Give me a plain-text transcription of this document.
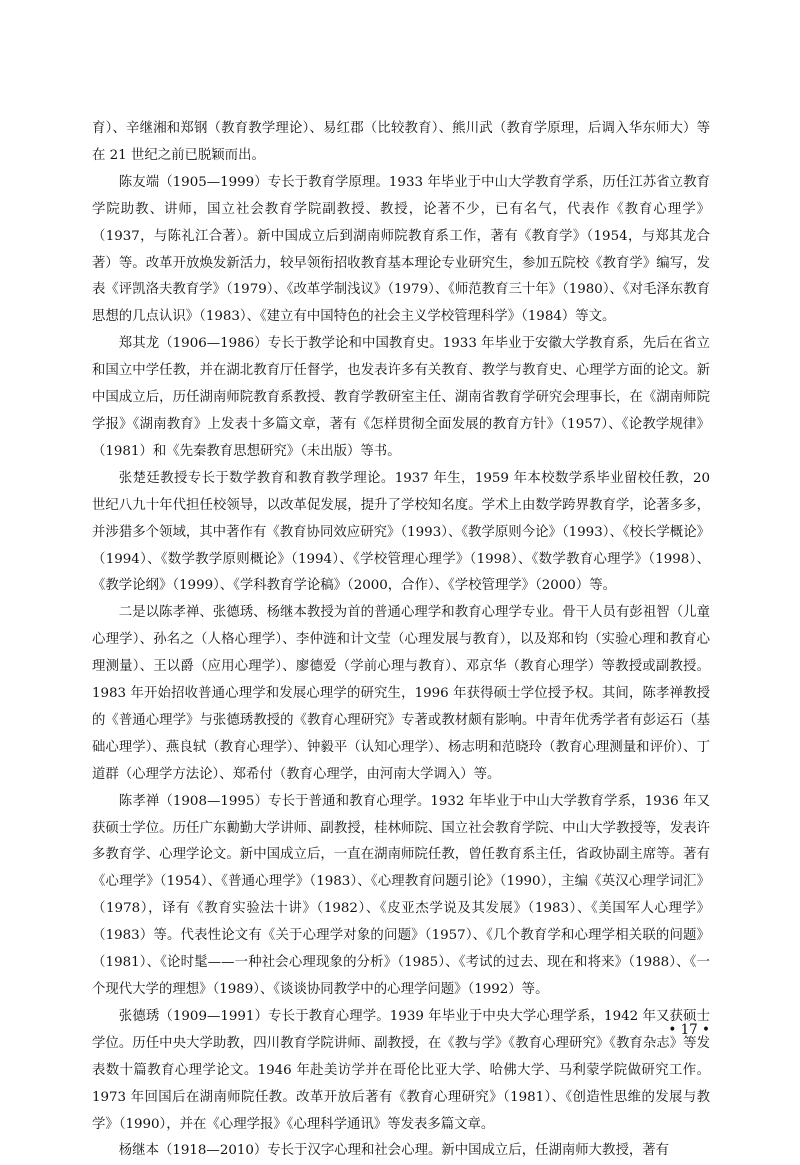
育）、辛继湘和郑钢（教育教学理论）、易红郡（比较教育）、熊川武（教育学原理，后调入华东师大）等在 21 世纪之前已脱颖而出。

陈友端（1905—1999）专长于教育学原理。1933 年毕业于中山大学教育学系，历任江苏省立教育学院助教、讲师，国立社会教育学院副教授、教授，论著不少，已有名气，代表作《教育心理学》（1937，与陈礼江合著）。新中国成立后到湖南师院教育系工作，著有《教育学》（1954，与郑其龙合著）等。改革开放焕发新活力，较早领衔招收教育基本理论专业研究生，参加五院校《教育学》编写，发表《评凯洛夫教育学》（1979）、《改革学制浅议》（1979）、《师范教育三十年》（1980）、《对毛泽东教育思想的几点认识》（1983）、《建立有中国特色的社会主义学校管理科学》（1984）等文。

郑其龙（1906—1986）专长于教学论和中国教育史。1933 年毕业于安徽大学教育系，先后在省立和国立中学任教，并在湖北教育厅任督学，也发表许多有关教育、教学与教育史、心理学方面的论文。新中国成立后，历任湖南师院教育系教授、教育学教研室主任、湖南省教育学研究会理事长，在《湖南师院学报》《湖南教育》上发表十多篇文章，著有《怎样贯彻全面发展的教育方针》（1957）、《论教学规律》（1981）和《先秦教育思想研究》（未出版）等书。

张楚廷教授专长于数学教育和教育教学理论。1937 年生，1959 年本校数学系毕业留校任教，20 世纪八九十年代担任校领导，以改革促发展，提升了学校知名度。学术上由数学跨界教育学，论著多多，并涉猎多个领域，其中著作有《教育协同效应研究》（1993）、《教学原则今论》（1993）、《校长学概论》（1994）、《数学教学原则概论》（1994）、《学校管理心理学》（1998）、《数学教育心理学》（1998）、《教学论纲》（1999）、《学科教育学论稿》（2000，合作）、《学校管理学》（2000）等。

二是以陈孝禅、张德琇、杨继本教授为首的普通心理学和教育心理学专业。骨干人员有彭祖智（儿童心理学）、孙名之（人格心理学）、李仲涟和计文莹（心理发展与教育），以及郑和钧（实验心理和教育心理测量）、王以爵（应用心理学）、廖德爱（学前心理与教育）、邓京华（教育心理学）等教授或副教授。1983 年开始招收普通心理学和发展心理学的研究生，1996 年获得硕士学位授予权。其间，陈孝禅教授的《普通心理学》与张德琇教授的《教育心理研究》专著或教材颇有影响。中青年优秀学者有彭运石（基础心理学）、燕良轼（教育心理学）、钟毅平（认知心理学）、杨志明和范晓玲（教育心理测量和评价）、丁道群（心理学方法论）、郑希付（教育心理学，由河南大学调入）等。

陈孝禅（1908—1995）专长于普通和教育心理学。1932 年毕业于中山大学教育学系，1936 年又获硕士学位。历任广东勷勤大学讲师、副教授，桂林师院、国立社会教育学院、中山大学教授等，发表许多教育学、心理学论文。新中国成立后，一直在湖南师院任教，曾任教育系主任，省政协副主席等。著有《心理学》（1954）、《普通心理学》（1983）、《心理教育问题引论》（1990），主编《英汉心理学词汇》（1978），译有《教育实验法十讲》（1982）、《皮亚杰学说及其发展》（1983）、《美国军人心理学》（1983）等。代表性论文有《关于心理学对象的问题》（1957）、《几个教育学和心理学相关联的问题》（1981）、《论时髦——一种社会心理现象的分析》（1985）、《考试的过去、现在和将来》（1988）、《一个现代大学的理想》（1989）、《谈谈协同教学中的心理学问题》（1992）等。

张德琇（1909—1991）专长于教育心理学。1939 年毕业于中央大学心理学系，1942 年又获硕士学位。历任中央大学助教，四川教育学院讲师、副教授，在《教与学》《教育心理研究》《教育杂志》等发表数十篇教育心理学论文。1946 年赴美访学并在哥伦比亚大学、哈佛大学、马利蒙学院做研究工作。1973 年回国后在湖南师院任教。改革开放后著有《教育心理研究》（1981）、《创造性思维的发展与教学》（1990），并在《心理学报》《心理科学通讯》等发表多篇文章。

杨继本（1918—2010）专长于汉字心理和社会心理。新中国成立后，任湖南师大教授，著有

• 17 •
